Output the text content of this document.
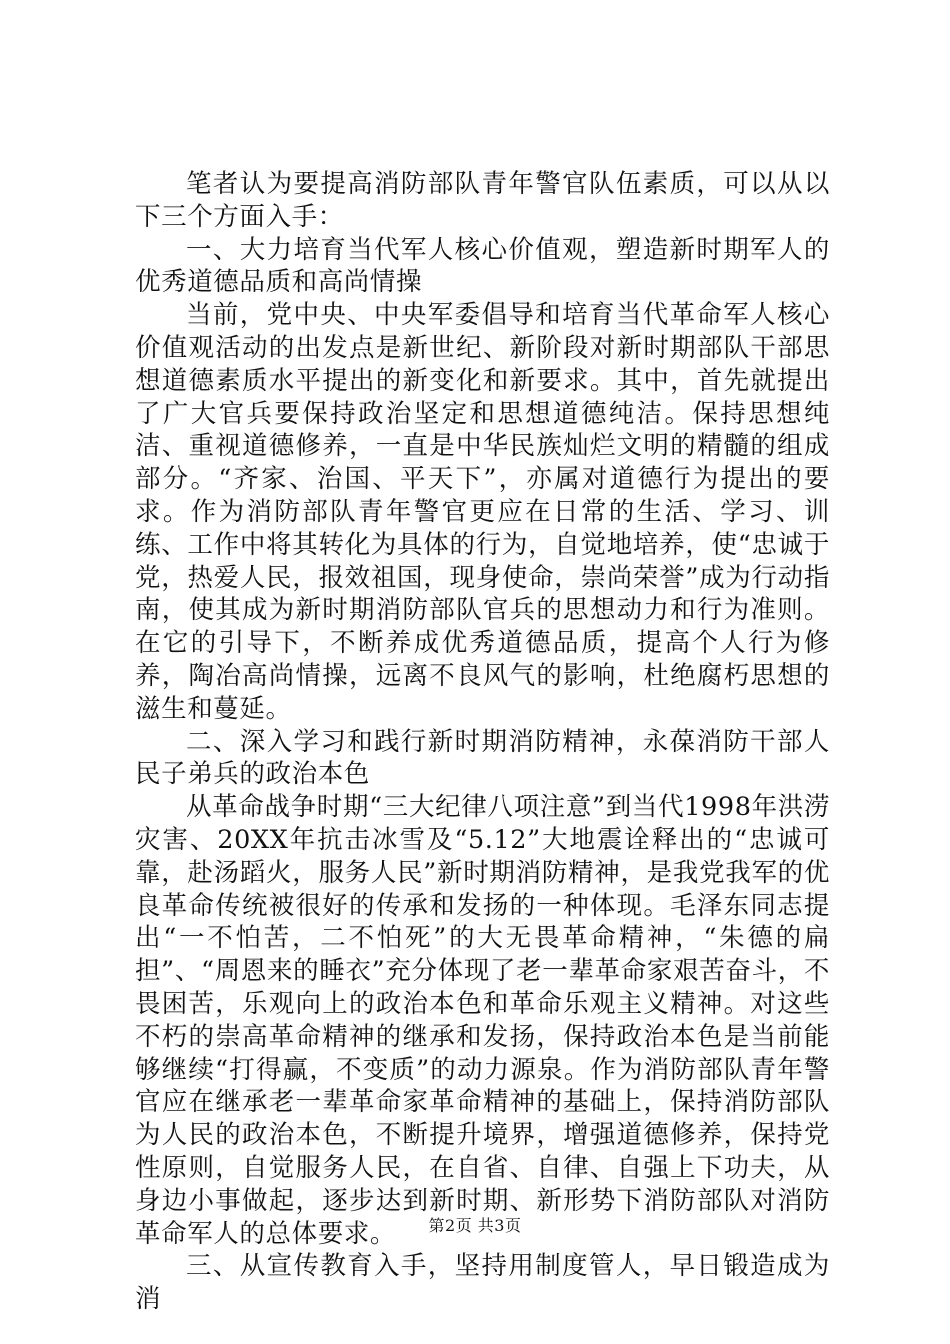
笔者认为要提高消防部队青年警官队伍素质，可以从以下三个方面入手：

一、大力培育当代军人核心价值观，塑造新时期军人的优秀道德品质和高尚情操

当前，党中央、中央军委倡导和培育当代革命军人核心价值观活动的出发点是新世纪、新阶段对新时期部队干部思想道德素质水平提出的新变化和新要求。其中，首先就提出了广大官兵要保持政治坚定和思想道德纯洁。保持思想纯洁、重视道德修养，一直是中华民族灿烂文明的精髓的组成部分。“齐家、治国、平天下”，亦属对道德行为提出的要求。作为消防部队青年警官更应在日常的生活、学习、训练、工作中将其转化为具体的行为，自觉地培养，使“忠诚于党，热爱人民，报效祖国，现身使命，崇尚荣誉”成为行动指南，使其成为新时期消防部队官兵的思想动力和行为准则。在它的引导下，不断养成优秀道德品质，提高个人行为修养，陶冶高尚情操，远离不良风气的影响，杜绝腐朽思想的滋生和蔓延。

二、深入学习和践行新时期消防精神，永葆消防干部人民子弟兵的政治本色

从革命战争时期“三大纪律八项注意”到当代1998年洪涝灾害、20XX年抗击冰雪及“5.12”大地震诠释出的“忠诚可靠，赴汤蹈火，服务人民”新时期消防精神，是我党我军的优良革命传统被很好的传承和发扬的一种体现。毛泽东同志提出“一不怕苦，二不怕死”的大无畏革命精神，“朱德的扁担”、“周恩来的睡衣”充分体现了老一辈革命家艰苦奋斗，不畏困苦，乐观向上的政治本色和革命乐观主义精神。对这些不朽的崇高革命精神的继承和发扬，保持政治本色是当前能够继续“打得赢，不变质”的动力源泉。作为消防部队青年警官应在继承老一辈革命家革命精神的基础上，保持消防部队为人民的政治本色，不断提升境界，增强道德修养，保持党性原则，自觉服务人民，在自省、自律、自强上下功夫，从身边小事做起，逐步达到新时期、新形势下消防部队对消防革命军人的总体要求。

三、从宣传教育入手，坚持用制度管人，早日锻造成为消

第2页 共3页
